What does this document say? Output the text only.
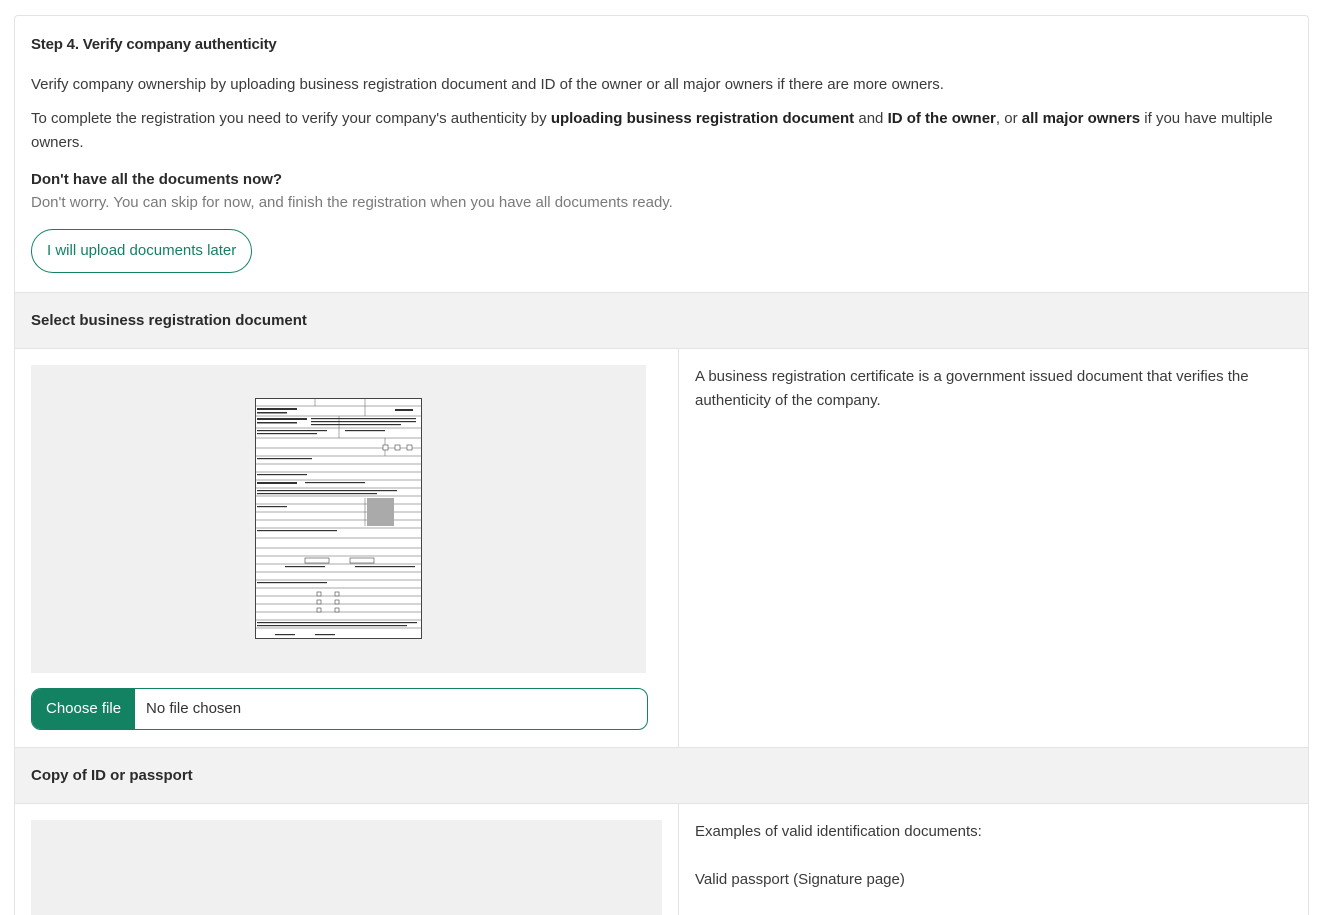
Step 4. Verify company authenticity

Verify company ownership by uploading business registration document and ID of the owner or all major owners if there are more owners.

To complete the registration you need to verify your company's authenticity by uploading business registration document and ID of the owner, or all major owners if you have multiple owners.

Don't have all the documents now?

Don't worry. You can skip for now, and finish the registration when you have all documents ready.

I will upload documents later
Select business registration document
Choose file	No file chosen
A business registration certificate is a government issued document that verifies the authenticity of the company.
Copy of ID or passport

Examples of valid identification documents:

Valid passport (Signature page)
